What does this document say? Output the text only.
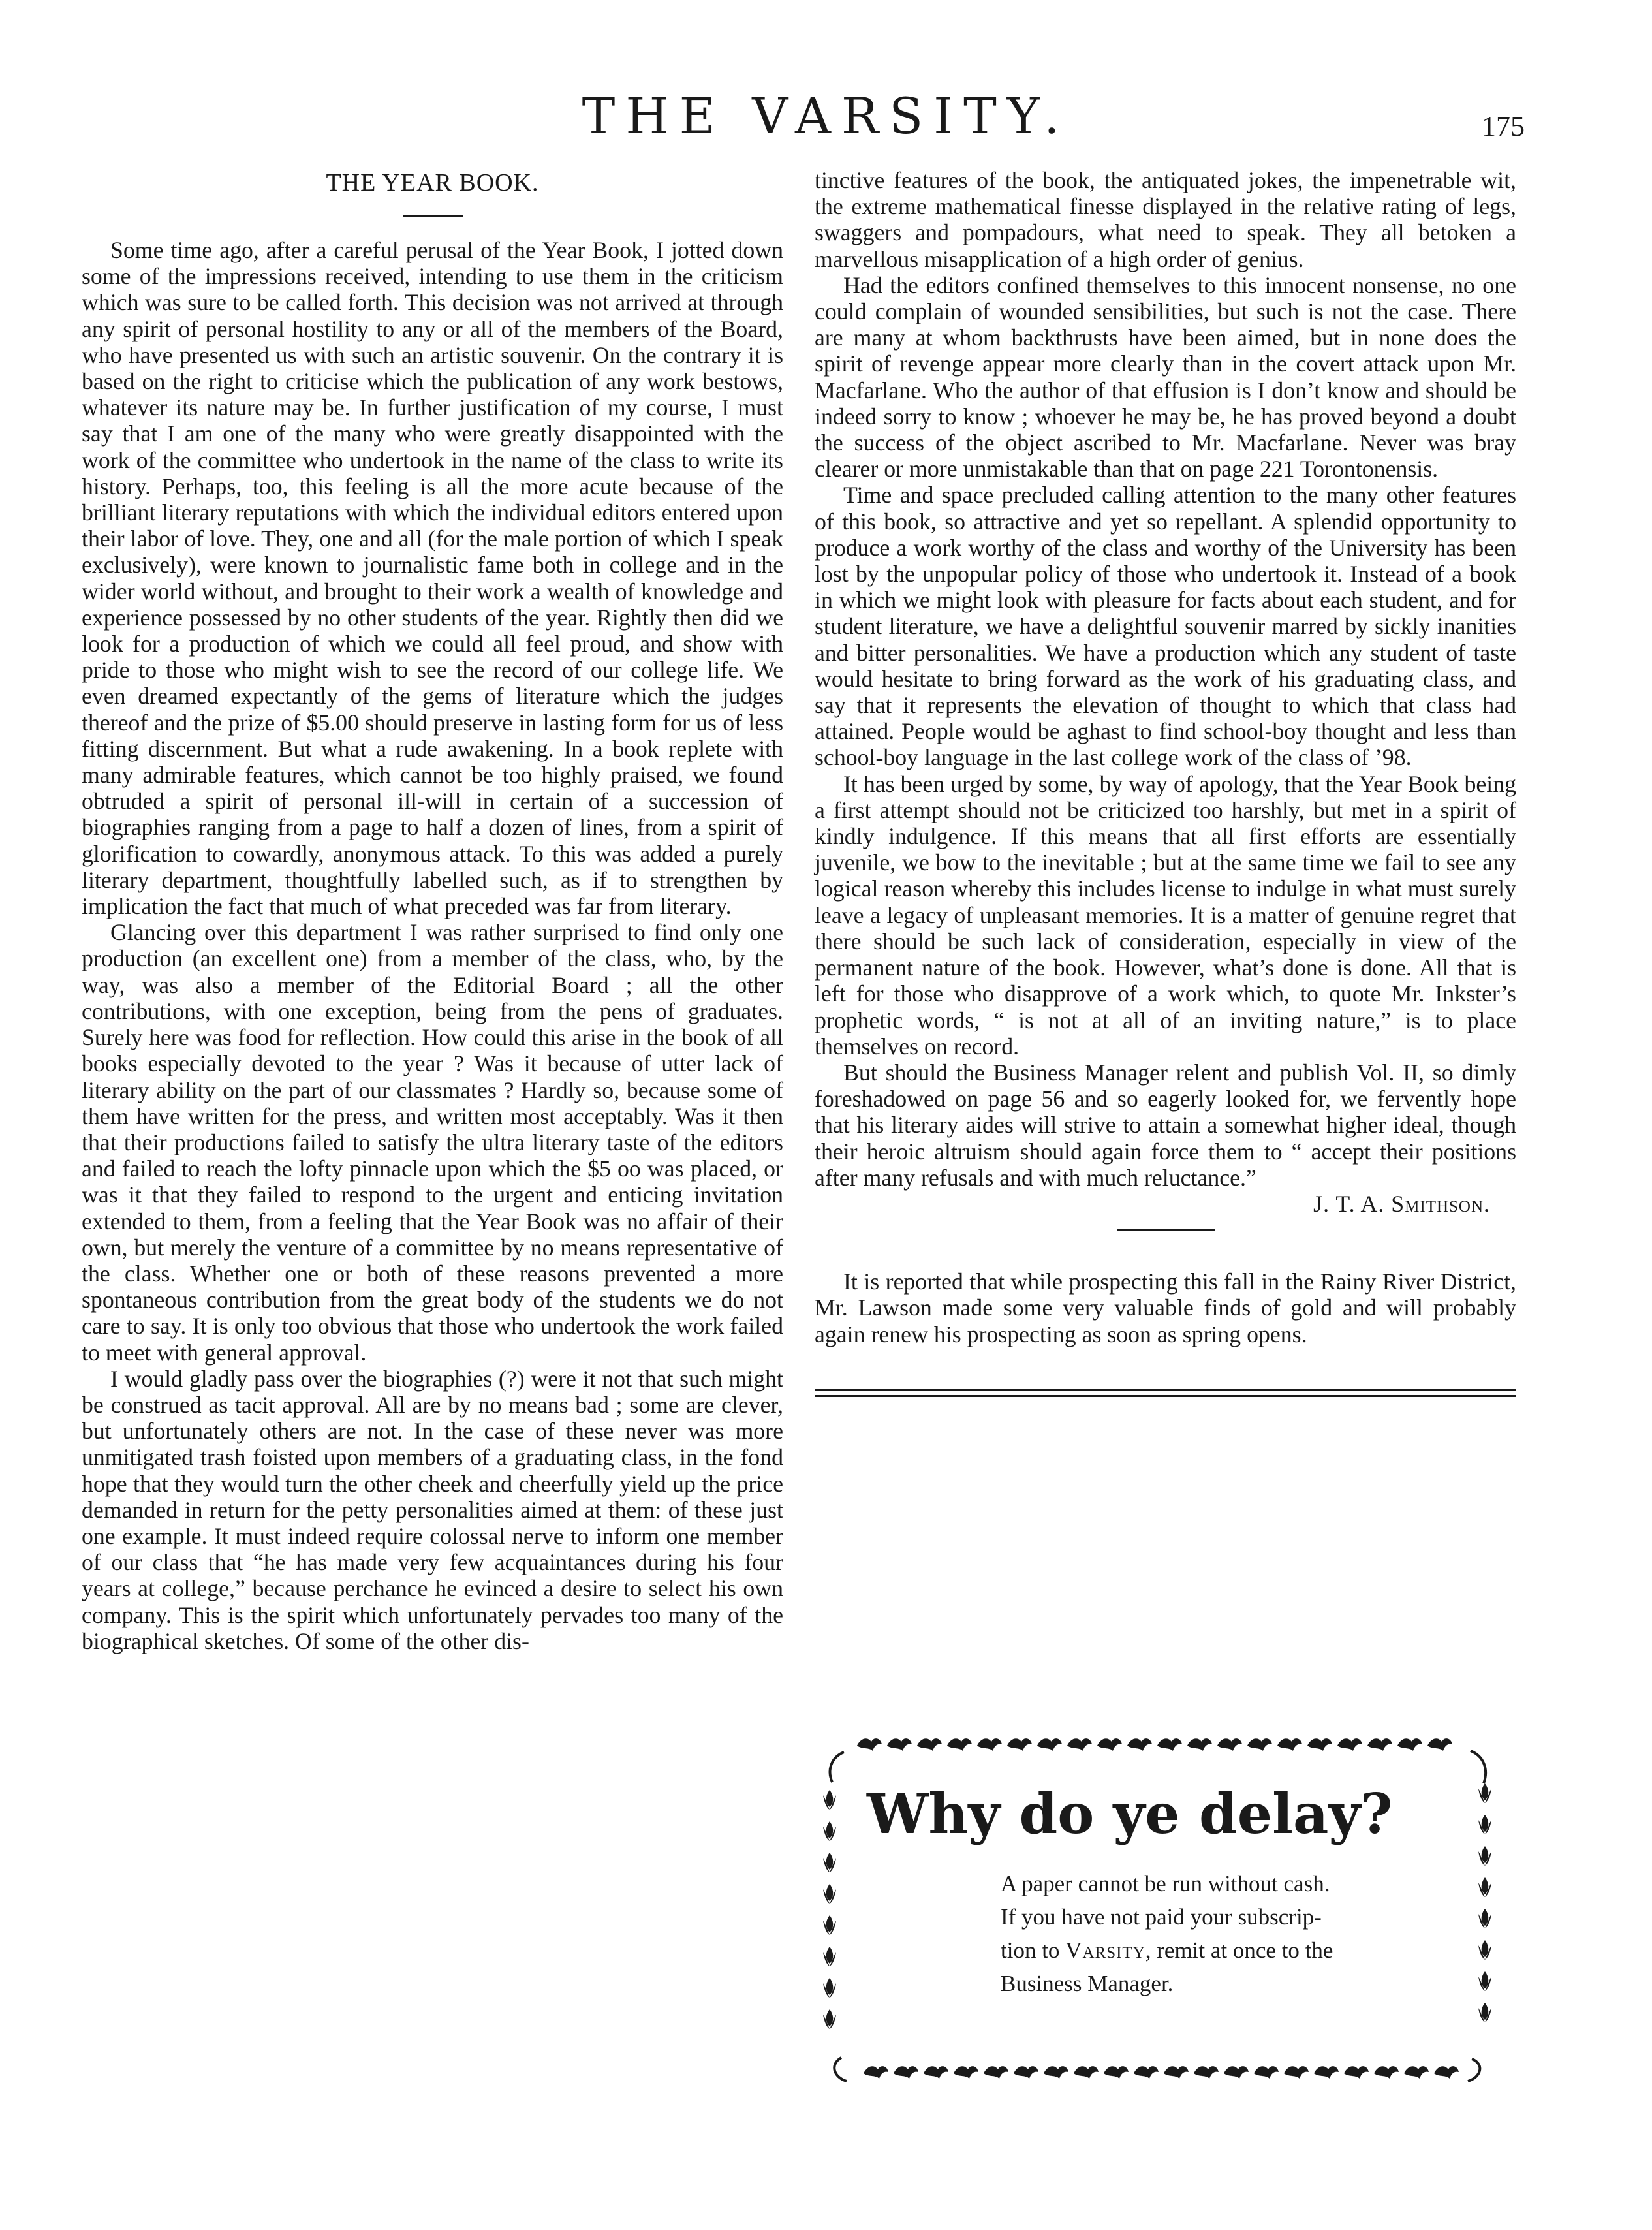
THE VARSITY.	175
THE YEAR BOOK.

Some time ago, after a careful perusal of the Year Book, I jotted down some of the impressions received, intending to use them in the criticism which was sure to be called forth. This decision was not arrived at through any spirit of personal hostility to any or all of the members of the Board, who have presented us with such an artistic souvenir. On the contrary it is based on the right to criticise which the publication of any work bestows, whatever its nature may be. In further justification of my course, I must say that I am one of the many who were greatly disappointed with the work of the committee who undertook in the name of the class to write its history. Perhaps, too, this feeling is all the more acute because of the brilliant literary reputations with which the individual editors entered upon their labor of love. They, one and all (for the male portion of which I speak exclusively), were known to journalistic fame both in college and in the wider world without, and brought to their work a wealth of knowledge and experience possessed by no other students of the year. Rightly then did we look for a production of which we could all feel proud, and show with pride to those who might wish to see the record of our college life. We even dreamed expectantly of the gems of literature which the judges thereof and the prize of $5.00 should preserve in lasting form for us of less fitting discernment. But what a rude awakening. In a book replete with many admirable features, which cannot be too highly praised, we found obtruded a spirit of personal ill-will in certain of a succession of biographies ranging from a page to half a dozen of lines, from a spirit of glorification to cowardly, anonymous attack. To this was added a purely literary department, thoughtfully labelled such, as if to strengthen by implication the fact that much of what preceded was far from literary.

Glancing over this department I was rather surprised to find only one production (an excellent one) from a member of the class, who, by the way, was also a member of the Editorial Board ; all the other contributions, with one exception, being from the pens of graduates. Surely here was food for reflection. How could this arise in the book of all books especially devoted to the year ? Was it because of utter lack of literary ability on the part of our classmates ? Hardly so, because some of them have written for the press, and written most acceptably. Was it then that their productions failed to satisfy the ultra literary taste of the editors and failed to reach the lofty pinnacle upon which the $5 oo was placed, or was it that they failed to respond to the urgent and enticing invitation extended to them, from a feeling that the Year Book was no affair of their own, but merely the venture of a committee by no means representative of the class. Whether one or both of these reasons prevented a more spontaneous contribution from the great body of the students we do not care to say. It is only too obvious that those who undertook the work failed to meet with general approval.

I would gladly pass over the biographies (?) were it not that such might be construed as tacit approval. All are by no means bad ; some are clever, but unfortunately others are not. In the case of these never was more unmitigated trash foisted upon members of a graduating class, in the fond hope that they would turn the other cheek and cheerfully yield up the price demanded in return for the petty personalities aimed at them: of these just one example. It must indeed require colossal nerve to inform one member of our class that “he has made very few acquaintances during his four years at college,” because perchance he evinced a desire to select his own company. This is the spirit which unfortunately pervades too many of the biographical sketches. Of some of the other dis-

tinctive features of the book, the antiquated jokes, the impenetrable wit, the extreme mathematical finesse displayed in the relative rating of legs, swaggers and pompadours, what need to speak. They all betoken a marvellous misapplication of a high order of genius.

Had the editors confined themselves to this innocent nonsense, no one could complain of wounded sensibilities, but such is not the case. There are many at whom backthrusts have been aimed, but in none does the spirit of revenge appear more clearly than in the covert attack upon Mr. Macfarlane. Who the author of that effusion is I don’t know and should be indeed sorry to know ; whoever he may be, he has proved beyond a doubt the success of the object ascribed to Mr. Macfarlane. Never was bray clearer or more unmistakable than that on page 221 Torontonensis.

Time and space precluded calling attention to the many other features of this book, so attractive and yet so repellant. A splendid opportunity to produce a work worthy of the class and worthy of the University has been lost by the unpopular policy of those who undertook it. Instead of a book in which we might look with pleasure for facts about each student, and for student literature, we have a delightful souvenir marred by sickly inanities and bitter personalities. We have a production which any student of taste would hesitate to bring forward as the work of his graduating class, and say that it represents the elevation of thought to which that class had attained. People would be aghast to find school-boy thought and less than school-boy language in the last college work of the class of ’98.

It has been urged by some, by way of apology, that the Year Book being a first attempt should not be criticized too harshly, but met in a spirit of kindly indulgence. If this means that all first efforts are essentially juvenile, we bow to the inevitable ; but at the same time we fail to see any logical reason whereby this includes license to indulge in what must surely leave a legacy of unpleasant memories. It is a matter of genuine regret that there should be such lack of consideration, especially in view of the permanent nature of the book. However, what’s done is done. All that is left for those who disapprove of a work which, to quote Mr. Inkster’s prophetic words, “ is not at all of an inviting nature,” is to place themselves on record.

But should the Business Manager relent and publish Vol. II, so dimly foreshadowed on page 56 and so eagerly looked for, we fervently hope that his literary aides will strive to attain a somewhat higher ideal, though their heroic altruism should again force them to “ accept their positions after many refusals and with much reluctance.”

J. T. A. Smithson.

It is reported that while prospecting this fall in the Rainy River District, Mr. Lawson made some very valuable finds of gold and will probably again renew his prospecting as soon as spring opens.

Why do ye delay?
A paper cannot be run without cash.
If you have not paid your subscrip-
tion to Varsity, remit at once to the
Business Manager.
